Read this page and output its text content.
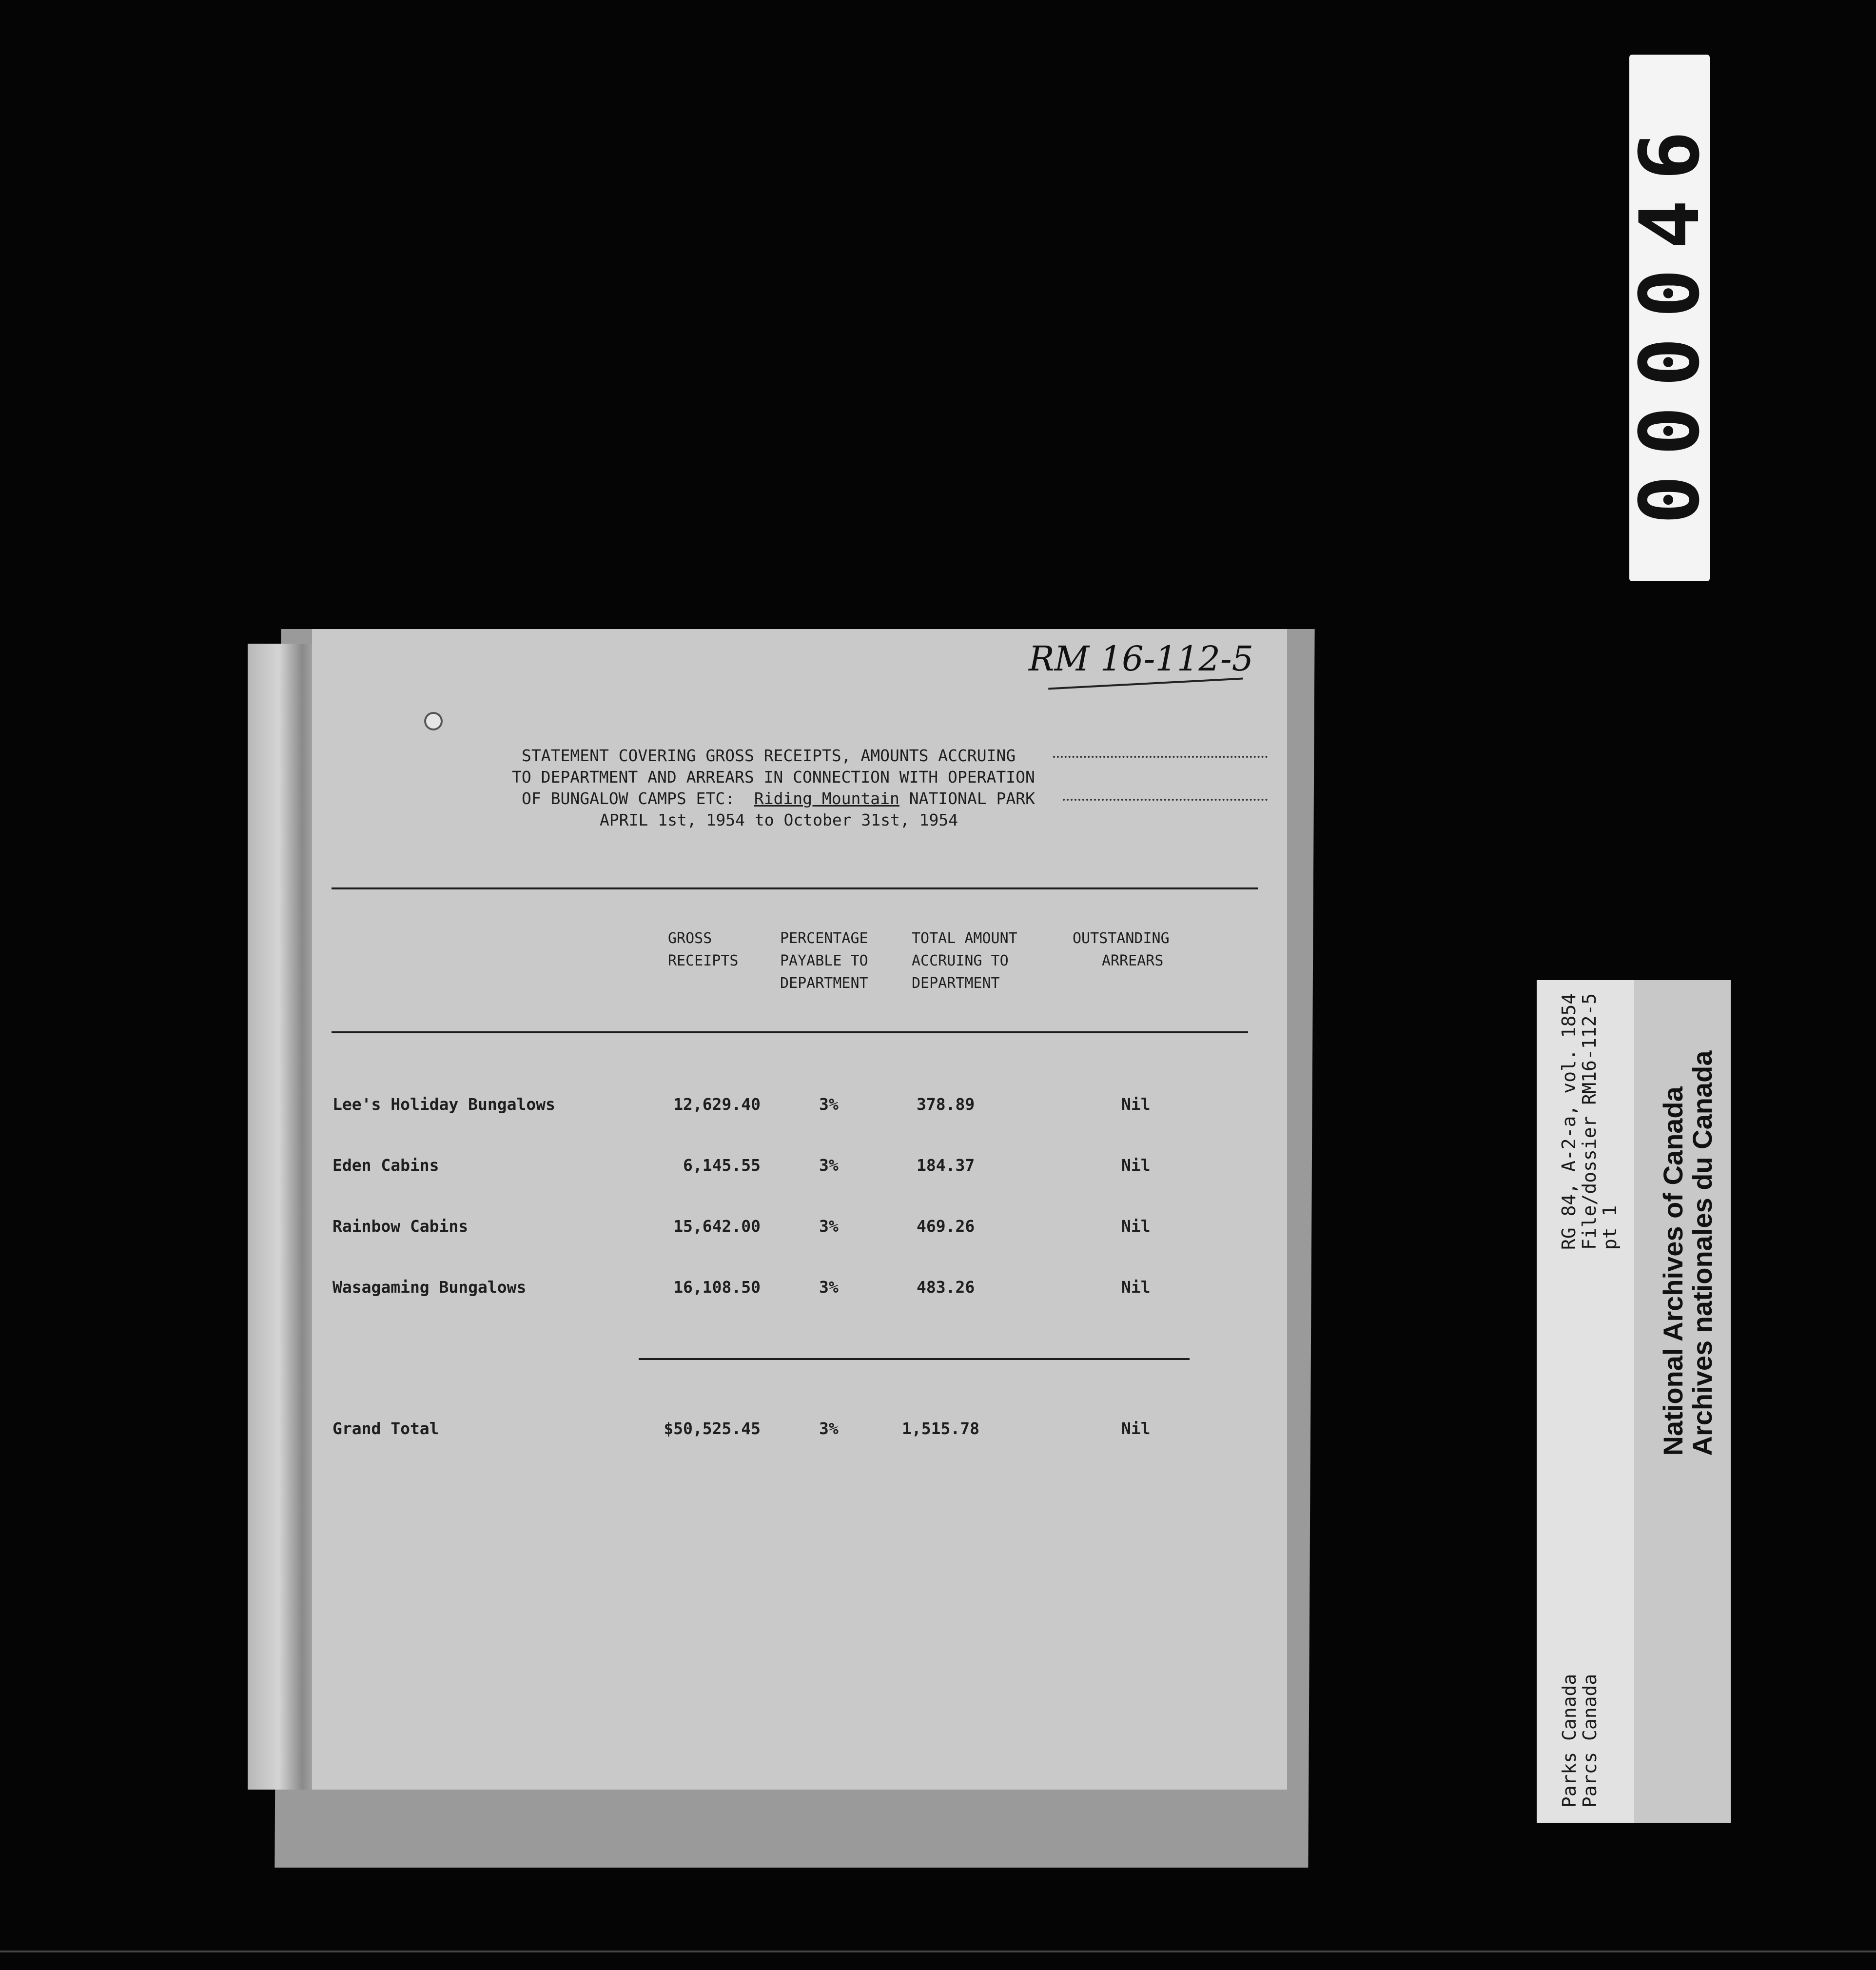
000046
RG 84, A-2-a, vol. 1854
File/dossier RM16-112-5
pt 1
Parks Canada
Parcs Canada
National Archives of Canada
Archives nationales du Canada
RM 16-112-5
STATEMENT COVERING GROSS RECEIPTS, AMOUNTS ACCRUING
TO DEPARTMENT AND ARREARS IN CONNECTION WITH OPERATION
OF BUNGALOW CAMPS ETC:  Riding Mountain NATIONAL PARK
APRIL 1st, 1954 to October 31st, 1954
GROSS
RECEIPTS
PERCENTAGE
PAYABLE TO
DEPARTMENT
TOTAL AMOUNT
ACCRUING TO
DEPARTMENT
OUTSTANDING
ARREARS
Lee's Holiday Bungalows	12,629.40	3%	378.89	Nil
Eden Cabins	6,145.55	3%	184.37	Nil
Rainbow Cabins	15,642.00	3%	469.26	Nil
Wasagaming Bungalows	16,108.50	3%	483.26	Nil
Grand Total	$50,525.45	3%	1,515.78	Nil
